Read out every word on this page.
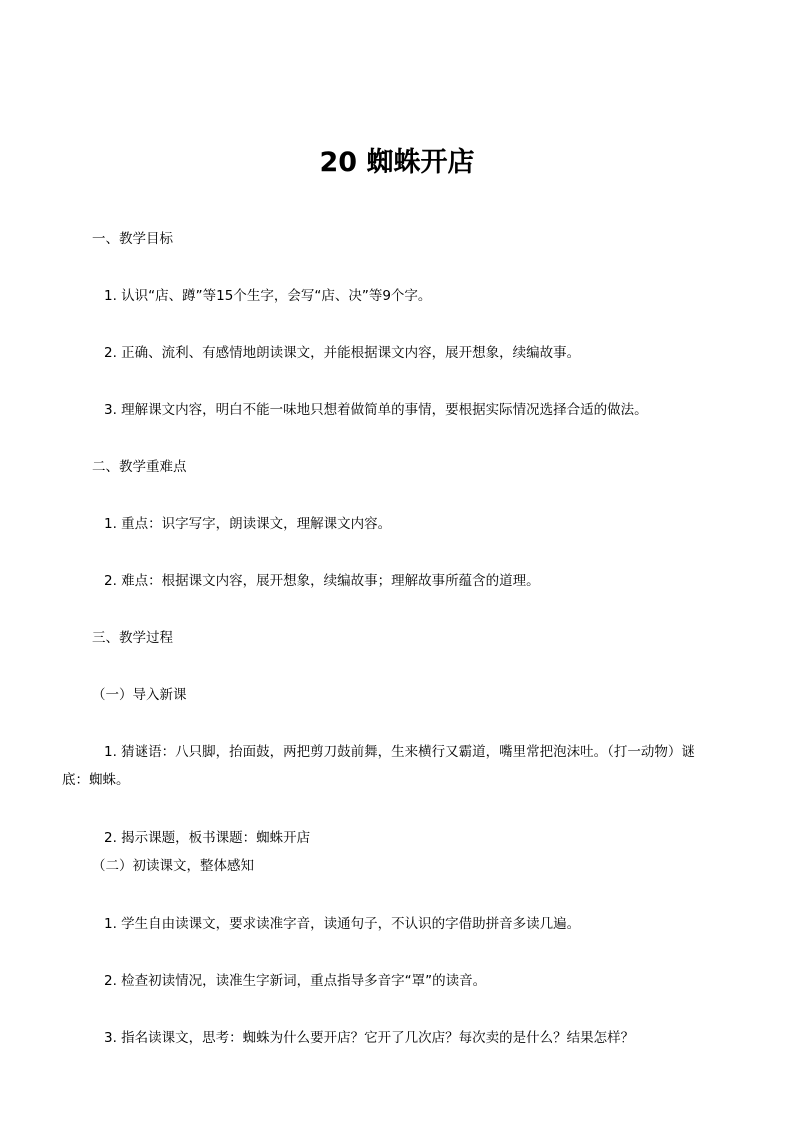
20 蜘蛛开店
一、教学目标
1. 认识“店、蹲”等15个生字，会写“店、决”等9个字。
2. 正确、流利、有感情地朗读课文，并能根据课文内容，展开想象，续编故事。
3. 理解课文内容，明白不能一味地只想着做简单的事情，要根据实际情况选择合适的做法。
二、教学重难点
1. 重点：识字写字，朗读课文，理解课文内容。
2. 难点：根据课文内容，展开想象，续编故事；理解故事所蕴含的道理。
三、教学过程
（一）导入新课
1. 猜谜语：八只脚，抬面鼓，两把剪刀鼓前舞，生来横行又霸道，嘴里常把泡沫吐。（打一动物）谜
底：蜘蛛。
2. 揭示课题，板书课题：蜘蛛开店
（二）初读课文，整体感知
1. 学生自由读课文，要求读准字音，读通句子，不认识的字借助拼音多读几遍。
2. 检查初读情况，读准生字新词，重点指导多音字“罩”的读音。
3. 指名读课文，思考：蜘蛛为什么要开店？它开了几次店？每次卖的是什么？结果怎样？
